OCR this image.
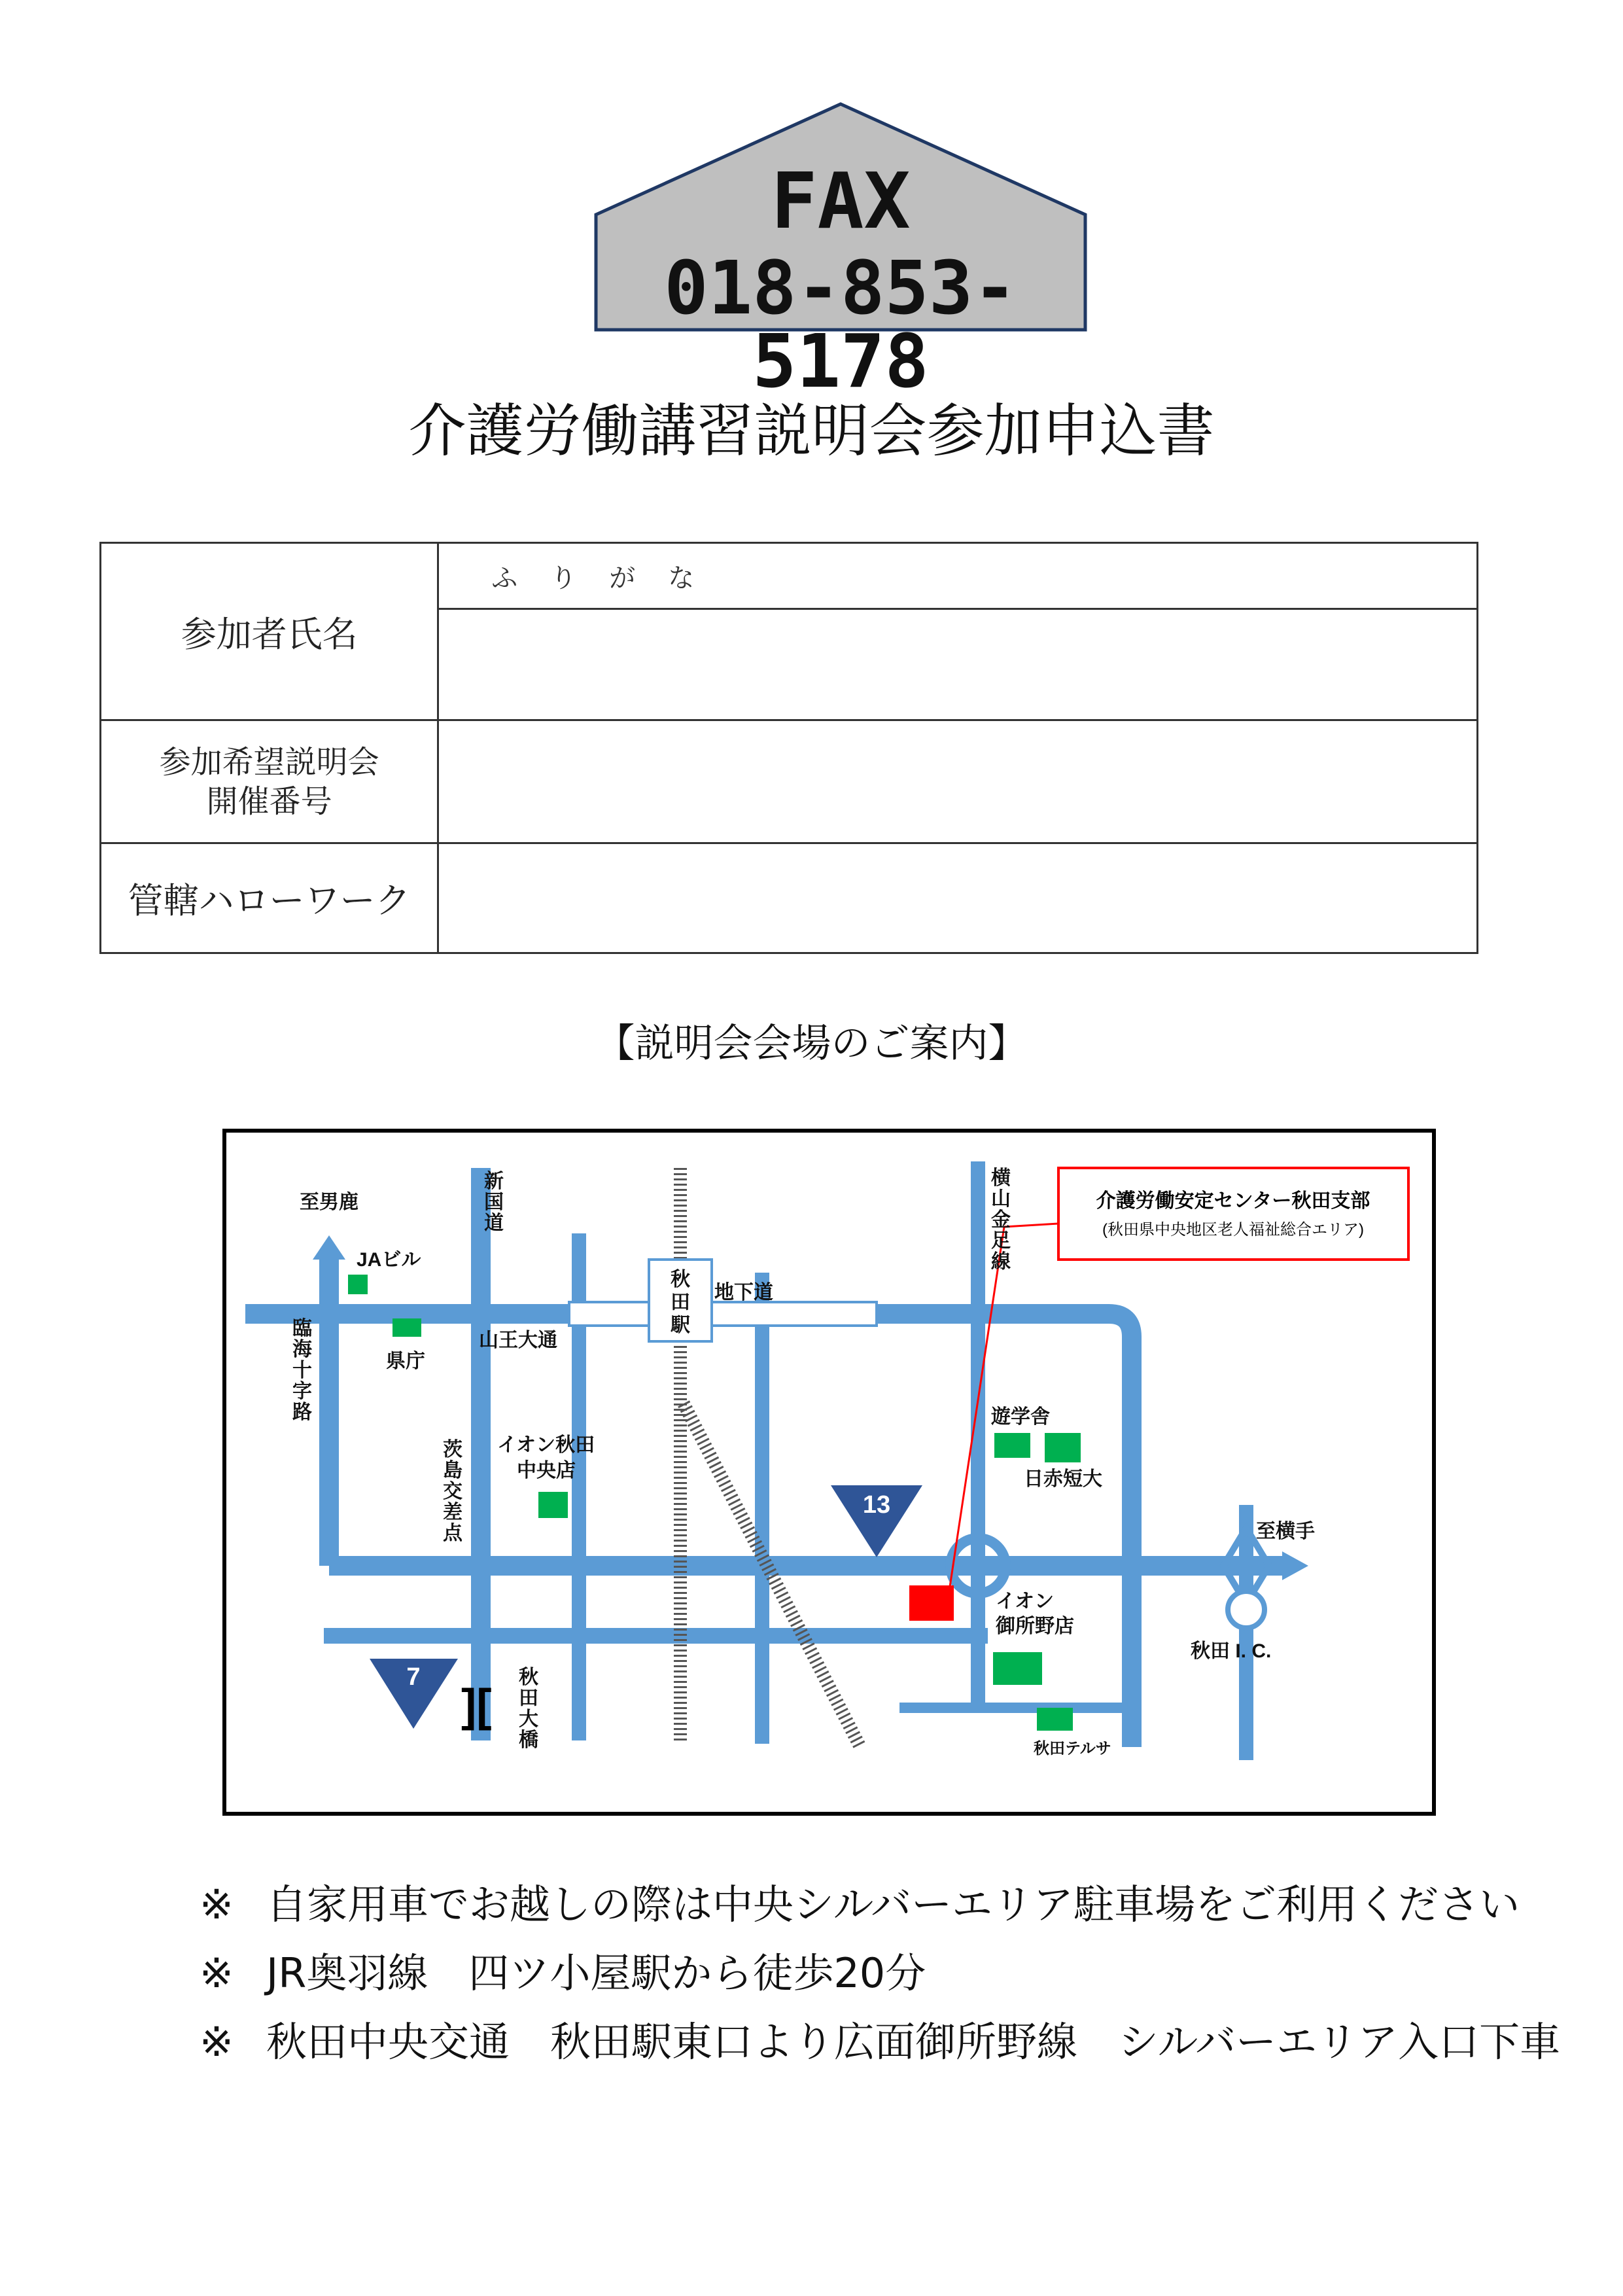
FAX
018-853-5178
介護労働講習説明会参加申込書
参加者氏名	ふりがな

参加希望説明会
開催番号	

管轄ハローワーク	
【説明会会場のご案内】
介護労働安定センター秋田支部
(秋田県中央地区老人福祉総合エリア)
13
7
][
至男鹿
JAビル
県庁
山王大通
地下道
イオン秋田
中央店
遊学舎
日赤短大
至横手
イオン
御所野店
秋田 I. C.
秋田テルサ
新
国
道
臨
海
十
字
路
秋
田
駅
横
山
金
足
線
茨
島
交
差
点
秋
田
大
橋
※ 自家用車でお越しの際は中央シルバーエリア駐車場をご利用ください
※ JR奥羽線　四ツ小屋駅から徒歩20分
※ 秋田中央交通　秋田駅東口より広面御所野線　シルバーエリア入口下車
